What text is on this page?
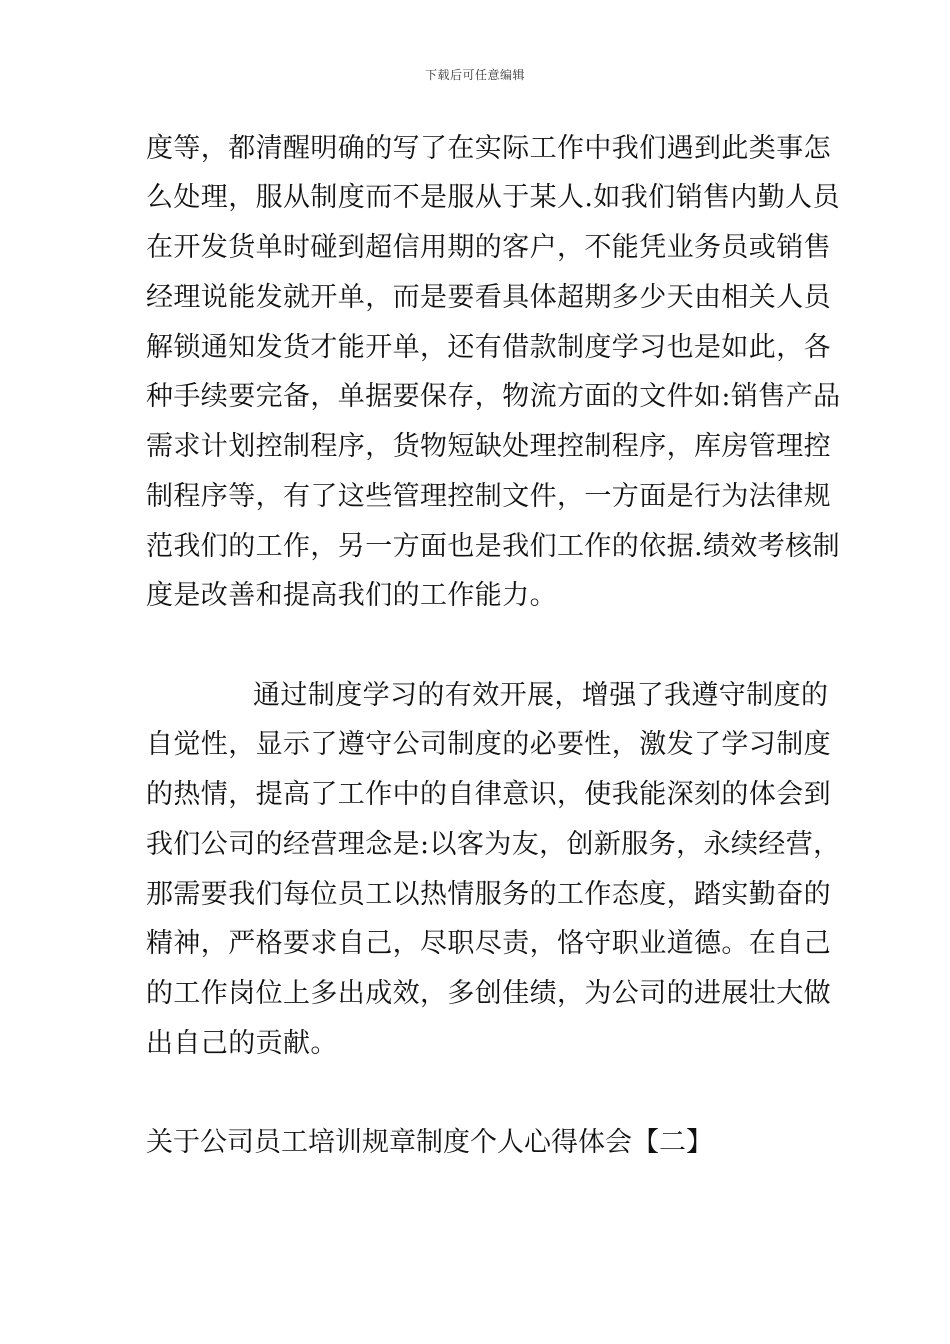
下载后可任意编辑
度等，都清醒明确的写了在实际工作中我们遇到此类事怎
么处理，服从制度而不是服从于某人.如我们销售内勤人员
在开发货单时碰到超信用期的客户，不能凭业务员或销售
经理说能发就开单，而是要看具体超期多少天由相关人员
解锁通知发货才能开单，还有借款制度学习也是如此，各
种手续要完备，单据要保存，物流方面的文件如:销售产品
需求计划控制程序，货物短缺处理控制程序，库房管理控
制程序等，有了这些管理控制文件，一方面是行为法律规
范我们的工作，另一方面也是我们工作的依据.绩效考核制
度是改善和提高我们的工作能力。
通过制度学习的有效开展，增强了我遵守制度的
自觉性，显示了遵守公司制度的必要性，激发了学习制度
的热情，提高了工作中的自律意识，使我能深刻的体会到
我们公司的经营理念是:以客为友，创新服务，永续经营，
那需要我们每位员工以热情服务的工作态度，踏实勤奋的
精神，严格要求自己，尽职尽责，恪守职业道德。在自己
的工作岗位上多出成效，多创佳绩，为公司的进展壮大做
出自己的贡献。
关于公司员工培训规章制度个人心得体会【二】
